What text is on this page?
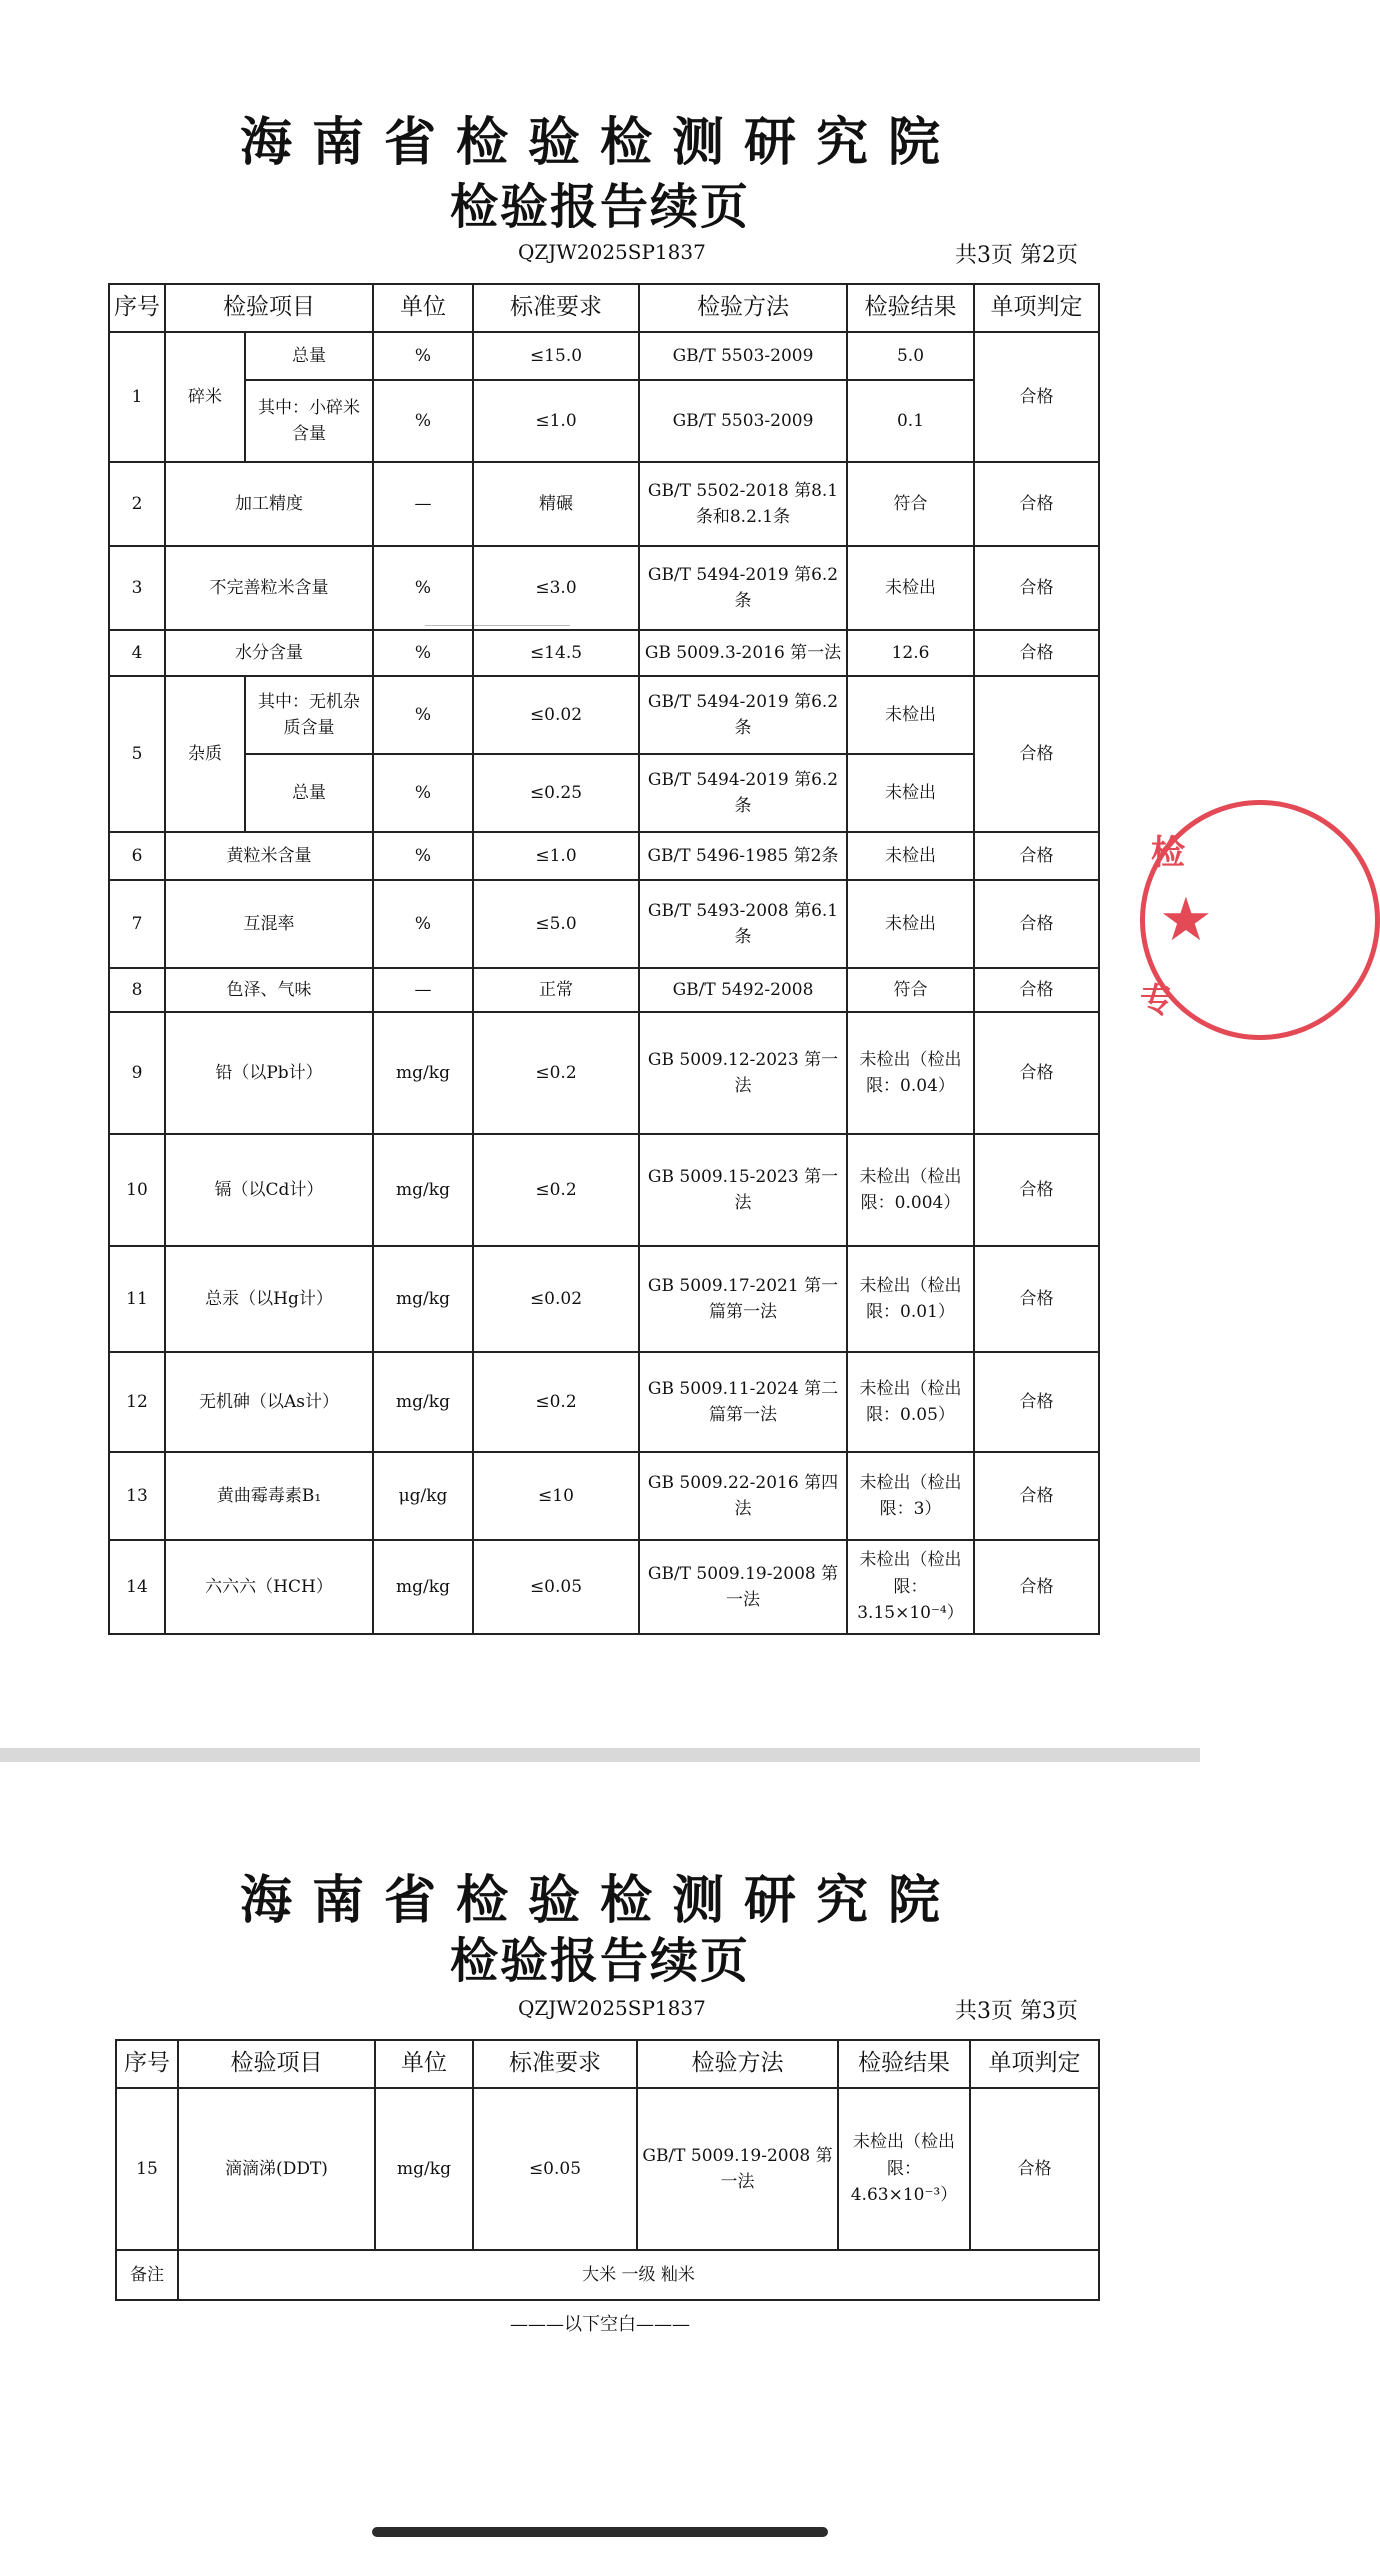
海南省检验检测研究院
检验报告续页
QZJW2025SP1837	共3页 第2页
序号	检验项目		单位	标准要求	检验方法	检验结果	单项判定
1	碎米	总量	%	≤15.0	GB/T 5503-2009	5.0	合格
		其中：小碎米含量	%	≤1.0	GB/T 5503-2009	0.1	
2	加工精度		—	精碾	GB/T 5502-2018 第8.1条和8.2.1条	符合	合格
3	不完善粒米含量		%	≤3.0	GB/T 5494-2019 第6.2条	未检出	合格
4	水分含量		%	≤14.5	GB 5009.3-2016 第一法	12.6	合格
5	杂质	其中：无机杂质含量	%	≤0.02	GB/T 5494-2019 第6.2条	未检出	合格
		总量	%	≤0.25	GB/T 5494-2019 第6.2条	未检出	
6	黄粒米含量		%	≤1.0	GB/T 5496-1985 第2条	未检出	合格
7	互混率		%	≤5.0	GB/T 5493-2008 第6.1条	未检出	合格
8	色泽、气味		—	正常	GB/T 5492-2008	符合	合格
9	铅（以Pb计）		mg/kg	≤0.2	GB 5009.12-2023 第一法	未检出（检出限：0.04）	合格
10	镉（以Cd计）		mg/kg	≤0.2	GB 5009.15-2023 第一法	未检出（检出限：0.004）	合格
11	总汞（以Hg计）		mg/kg	≤0.02	GB 5009.17-2021 第一篇第一法	未检出（检出限：0.01）	合格
12	无机砷（以As计）		mg/kg	≤0.2	GB 5009.11-2024 第二篇第一法	未检出（检出限：0.05）	合格
13	黄曲霉毒素B₁		μg/kg	≤10	GB 5009.22-2016 第四法	未检出（检出限：3）	合格
14	六六六（HCH）		mg/kg	≤0.05	GB/T 5009.19-2008 第一法	未检出（检出限：3.15×10⁻⁴）	合格
检
专
★
海南省检验检测研究院
检验报告续页
QZJW2025SP1837	共3页 第3页
序号	检验项目	单位	标准要求	检验方法	检验结果	单项判定
15	滴滴涕(DDT)	mg/kg	≤0.05	GB/T 5009.19-2008 第一法	未检出（检出限：4.63×10⁻³）	合格
备注	大米 一级 籼米					
———以下空白———
